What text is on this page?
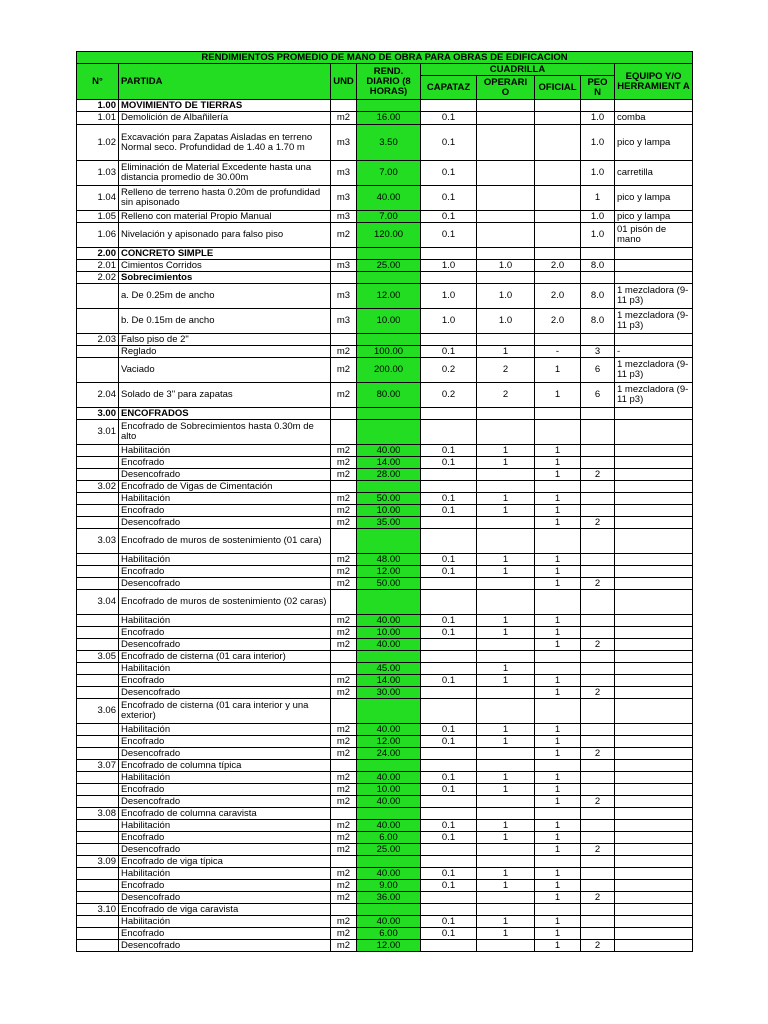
RENDIMIENTOS PROMEDIO DE MANO DE OBRA PARA OBRAS DE EDIFICACION								
N°	PARTIDA	UND	REND. DIARIO (8 HORAS)	CUADRILLA				EQUIPO Y/O HERRAMIENT A
				CAPATAZ	OPERARI O	OFICIAL	PEO N	

1.00	MOVIMIENTO DE TIERRAS							
1.01	Demolición de Albañilería	m2	16.00	0.1			1.0	comba
1.02	Excavación para Zapatas Aisladas en terreno Normal seco. Profundidad de 1.40 a 1.70 m	m3	3.50	0.1			1.0	pico y lampa
1.03	Eliminación de Material Excedente hasta una distancia promedio de 30.00m	m3	7.00	0.1			1.0	carretilla
1.04	Relleno de terreno hasta 0.20m de profundidad sin apisonado	m3	40.00	0.1			1	pico y lampa
1.05	Relleno con material Propio Manual	m3	7.00	0.1			1.0	pico y lampa
1.06	Nivelación y apisonado para falso piso	m2	120.00	0.1			1.0	01 pisón de mano
2.00	CONCRETO SIMPLE							
2.01	Cimientos Corridos	m3	25.00	1.0	1.0	2.0	8.0	
2.02	Sobrecimientos							
	a. De 0.25m de ancho	m3	12.00	1.0	1.0	2.0	8.0	1 mezcladora (9-11 p3)
	b. De 0.15m de ancho	m3	10.00	1.0	1.0	2.0	8.0	1 mezcladora (9-11 p3)
2.03	Falso piso de 2"							
	Reglado	m2	100.00	0.1	1	-	3	-
	Vaciado	m2	200.00	0.2	2	1	6	1 mezcladora (9-11 p3)
2.04	Solado de 3" para zapatas	m2	80.00	0.2	2	1	6	1 mezcladora (9-11 p3)
3.00	ENCOFRADOS							
3.01	Encofrado de Sobrecimientos hasta 0.30m de alto							
	Habilitación	m2	40.00	0.1	1	1		
	Encofrado	m2	14.00	0.1	1	1		
	Desencofrado	m2	28.00			1	2	
3.02	Encofrado de Vigas de Cimentación							
	Habilitación	m2	50.00	0.1	1	1		
	Encofrado	m2	10.00	0.1	1	1		
	Desencofrado	m2	35.00			1	2	
3.03	Encofrado de muros de sostenimiento (01 cara)							
	Habilitación	m2	48.00	0.1	1	1		
	Encofrado	m2	12.00	0.1	1	1		
	Desencofrado	m2	50.00			1	2	
3.04	Encofrado de muros de sostenimiento (02 caras)							
	Habilitación	m2	40.00	0.1	1	1		
	Encofrado	m2	10.00	0.1	1	1		
	Desencofrado	m2	40.00			1	2	
3.05	Encofrado de cisterna (01 cara interior)							
	Habilitación		45.00		1			
	Encofrado	m2	14.00	0.1	1	1		
	Desencofrado	m2	30.00			1	2	
3.06	Encofrado de cisterna (01 cara interior y una exterior)							
	Habilitación	m2	40.00	0.1	1	1		
	Encofrado	m2	12.00	0.1	1	1		
	Desencofrado	m2	24.00			1	2	
3.07	Encofrado de columna típica							
	Habilitación	m2	40.00	0.1	1	1		
	Encofrado	m2	10.00	0.1	1	1		
	Desencofrado	m2	40.00			1	2	
3.08	Encofrado de columna caravista							
	Habilitación	m2	40.00	0.1	1	1		
	Encofrado	m2	6.00	0.1	1	1		
	Desencofrado	m2	25.00			1	2	
3.09	Encofrado de viga típica							
	Habilitación	m2	40.00	0.1	1	1		
	Encofrado	m2	9.00	0.1	1	1		
	Desencofrado	m2	36.00			1	2	
3.10	Encofrado de viga caravista							
	Habilitación	m2	40.00	0.1	1	1		
	Encofrado	m2	6.00	0.1	1	1		
	Desencofrado	m2	12.00			1	2	
